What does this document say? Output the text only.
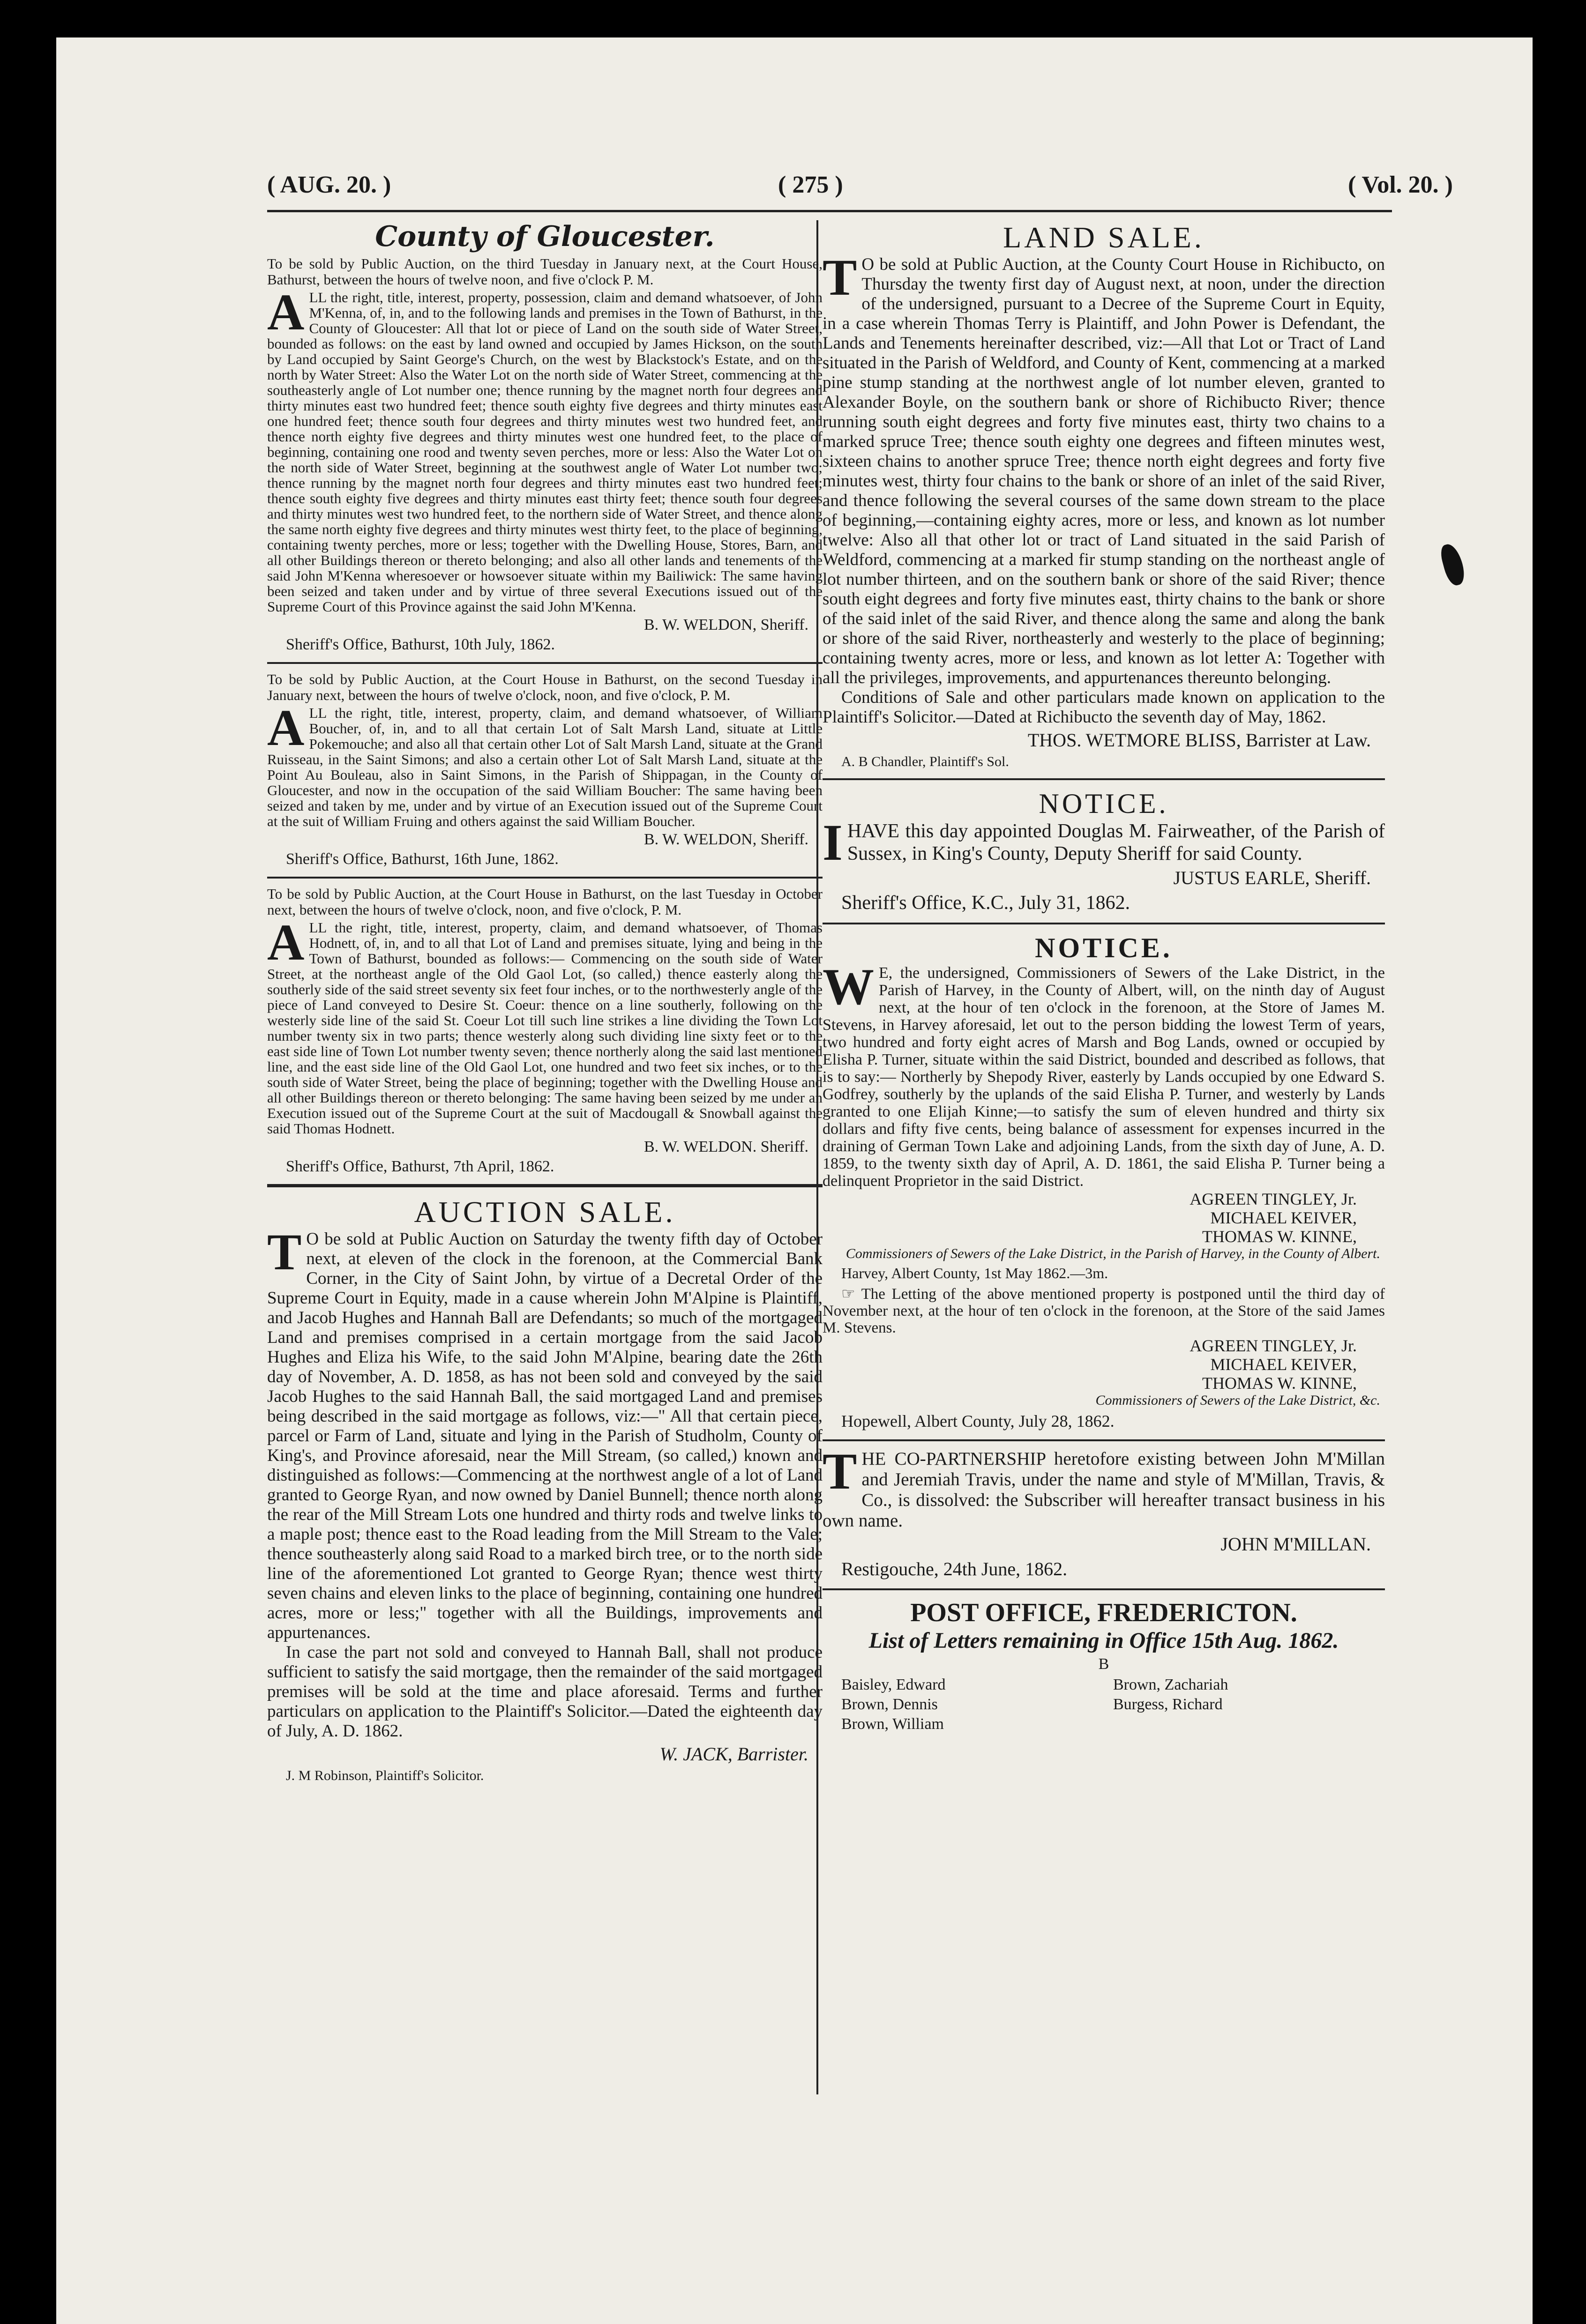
( AUG. 20. )	( 275 )	( Vol. 20. )

County of Gloucester.

To be sold by Public Auction, on the third Tuesday in January next, at the Court House, Bathurst, between the hours of twelve noon, and five o'clock P. M.

ALL the right, title, interest, property, possession, claim and demand whatsoever, of John M'Kenna, of, in, and to the following lands and premises in the Town of Bathurst, in the County of Gloucester: All that lot or piece of Land on the south side of Water Street, bounded as follows: on the east by land owned and occupied by James Hickson, on the south by Land occupied by Saint George's Church, on the west by Blackstock's Estate, and on the north by Water Street: Also the Water Lot on the north side of Water Street, commencing at the southeasterly angle of Lot number one; thence running by the magnet north four degrees and thirty minutes east two hundred feet; thence south eighty five degrees and thirty minutes east one hundred feet; thence south four degrees and thirty minutes west two hundred feet, and thence north eighty five degrees and thirty minutes west one hundred feet, to the place of beginning, containing one rood and twenty seven perches, more or less: Also the Water Lot on the north side of Water Street, beginning at the southwest angle of Water Lot number two; thence running by the magnet north four degrees and thirty minutes east two hundred feet; thence south eighty five degrees and thirty minutes east thirty feet; thence south four degrees and thirty minutes west two hundred feet, to the northern side of Water Street, and thence along the same north eighty five degrees and thirty minutes west thirty feet, to the place of beginning, containing twenty perches, more or less; together with the Dwelling House, Stores, Barn, and all other Buildings thereon or thereto belonging; and also all other lands and tenements of the said John M'Kenna wheresoever or howsoever situate within my Bailiwick: The same having been seized and taken under and by virtue of three several Executions issued out of the Supreme Court of this Province against the said John M'Kenna.

B. W. WELDON, Sheriff.

Sheriff's Office, Bathurst, 10th July, 1862.

To be sold by Public Auction, at the Court House in Bathurst, on the second Tuesday in January next, between the hours of twelve o'clock, noon, and five o'clock, P. M.

ALL the right, title, interest, property, claim, and demand whatsoever, of William Boucher, of, in, and to all that certain Lot of Salt Marsh Land, situate at Little Pokemouche; and also all that certain other Lot of Salt Marsh Land, situate at the Grand Ruisseau, in the Saint Simons; and also a certain other Lot of Salt Marsh Land, situate at the Point Au Bouleau, also in Saint Simons, in the Parish of Shippagan, in the County of Gloucester, and now in the occupation of the said William Boucher: The same having been seized and taken by me, under and by virtue of an Execution issued out of the Supreme Court at the suit of William Fruing and others against the said William Boucher.

B. W. WELDON, Sheriff.

Sheriff's Office, Bathurst, 16th June, 1862.

To be sold by Public Auction, at the Court House in Bathurst, on the last Tuesday in October next, between the hours of twelve o'clock, noon, and five o'clock, P. M.

ALL the right, title, interest, property, claim, and demand whatsoever, of Thomas Hodnett, of, in, and to all that Lot of Land and premises situate, lying and being in the Town of Bathurst, bounded as follows:— Commencing on the south side of Water Street, at the northeast angle of the Old Gaol Lot, (so called,) thence easterly along the southerly side of the said street seventy six feet four inches, or to the northwesterly angle of the piece of Land conveyed to Desire St. Coeur: thence on a line southerly, following on the westerly side line of the said St. Coeur Lot till such line strikes a line dividing the Town Lot number twenty six in two parts; thence westerly along such dividing line sixty feet or to the east side line of Town Lot number twenty seven; thence northerly along the said last mentioned line, and the east side line of the Old Gaol Lot, one hundred and two feet six inches, or to the south side of Water Street, being the place of beginning; together with the Dwelling House and all other Buildings thereon or thereto belonging: The same having been seized by me under an Execution issued out of the Supreme Court at the suit of Macdougall & Snowball against the said Thomas Hodnett.

B. W. WELDON. Sheriff.

Sheriff's Office, Bathurst, 7th April, 1862.

AUCTION SALE.

T O be sold at Public Auction on Saturday the twenty fifth day of October next, at eleven of the clock in the forenoon, at the Commercial Bank Corner, in the City of Saint John, by virtue of a Decretal Order of the Supreme Court in Equity, made in a cause wherein John M'Alpine is Plaintiff, and Jacob Hughes and Hannah Ball are Defendants; so much of the mortgaged Land and premises comprised in a certain mortgage from the said Jacob Hughes and Eliza his Wife, to the said John M'Alpine, bearing date the 26th day of November, A. D. 1858, as has not been sold and conveyed by the said Jacob Hughes to the said Hannah Ball, the said mortgaged Land and premises being described in the said mortgage as follows, viz:—" All that certain piece, parcel or Farm of Land, situate and lying in the Parish of Studholm, County of King's, and Province aforesaid, near the Mill Stream, (so called,) known and distinguished as follows:—Commencing at the northwest angle of a lot of Land granted to George Ryan, and now owned by Daniel Bunnell; thence north along the rear of the Mill Stream Lots one hundred and thirty rods and twelve links to a maple post; thence east to the Road leading from the Mill Stream to the Vale; thence southeasterly along said Road to a marked birch tree, or to the north side line of the aforementioned Lot granted to George Ryan; thence west thirty seven chains and eleven links to the place of beginning, containing one hundred acres, more or less;" together with all the Buildings, improvements and appurtenances.

In case the part not sold and conveyed to Hannah Ball, shall not produce sufficient to satisfy the said mortgage, then the remainder of the said mortgaged premises will be sold at the time and place aforesaid. Terms and further particulars on application to the Plaintiff's Solicitor.—Dated the eighteenth day of July, A. D. 1862.

W. JACK, Barrister.

J. M Robinson, Plaintiff's Solicitor.

LAND SALE.

T O be sold at Public Auction, at the County Court House in Richibucto, on Thursday the twenty first day of August next, at noon, under the direction of the undersigned, pursuant to a Decree of the Supreme Court in Equity, in a case wherein Thomas Terry is Plaintiff, and John Power is Defendant, the Lands and Tenements hereinafter described, viz:—All that Lot or Tract of Land situated in the Parish of Weldford, and County of Kent, commencing at a marked pine stump standing at the northwest angle of lot number eleven, granted to Alexander Boyle, on the southern bank or shore of Richibucto River; thence running south eight degrees and forty five minutes east, thirty two chains to a marked spruce Tree; thence south eighty one degrees and fifteen minutes west, sixteen chains to another spruce Tree; thence north eight degrees and forty five minutes west, thirty four chains to the bank or shore of an inlet of the said River, and thence following the several courses of the same down stream to the place of beginning,—containing eighty acres, more or less, and known as lot number twelve: Also all that other lot or tract of Land situated in the said Parish of Weldford, commencing at a marked fir stump standing on the northeast angle of lot number thirteen, and on the southern bank or shore of the said River; thence south eight degrees and forty five minutes east, thirty chains to the bank or shore of the said inlet of the said River, and thence along the same and along the bank or shore of the said River, northeasterly and westerly to the place of beginning; containing twenty acres, more or less, and known as lot letter A: Together with all the privileges, improvements, and appurtenances thereunto belonging.

Conditions of Sale and other particulars made known on application to the Plaintiff's Solicitor.—Dated at Richibucto the seventh day of May, 1862.

THOS. WETMORE BLISS, Barrister at Law.

A. B Chandler, Plaintiff's Sol.

NOTICE.

IHAVE this day appointed Douglas M. Fairweather, of the Parish of Sussex, in King's County, Deputy Sheriff for said County.

JUSTUS EARLE, Sheriff.

Sheriff's Office, K.C., July 31, 1862.

NOTICE.

W E, the undersigned, Commissioners of Sewers of the Lake District, in the Parish of Harvey, in the County of Albert, will, on the ninth day of August next, at the hour of ten o'clock in the forenoon, at the Store of James M. Stevens, in Harvey aforesaid, let out to the person bidding the lowest Term of years, two hundred and forty eight acres of Marsh and Bog Lands, owned or occupied by Elisha P. Turner, situate within the said District, bounded and described as follows, that is to say:— Northerly by Shepody River, easterly by Lands occupied by one Edward S. Godfrey, southerly by the uplands of the said Elisha P. Turner, and westerly by Lands granted to one Elijah Kinne;—to satisfy the sum of eleven hundred and thirty six dollars and fifty five cents, being balance of assessment for expenses incurred in the draining of German Town Lake and adjoining Lands, from the sixth day of June, A. D. 1859, to the twenty sixth day of April, A. D. 1861, the said Elisha P. Turner being a delinquent Proprietor in the said District.

AGREEN TINGLEY, Jr.
MICHAEL KEIVER,
THOMAS W. KINNE,

Commissioners of Sewers of the Lake District, in the Parish of Harvey, in the County of Albert.

Harvey, Albert County, 1st May 1862.—3m.

☞ The Letting of the above mentioned property is postponed until the third day of November next, at the hour of ten o'clock in the forenoon, at the Store of the said James M. Stevens.

AGREEN TINGLEY, Jr.
MICHAEL KEIVER,
THOMAS W. KINNE,

Commissioners of Sewers of the Lake District, &c.

Hopewell, Albert County, July 28, 1862.

THE CO-PARTNERSHIP heretofore existing between John M'Millan and Jeremiah Travis, under the name and style of M'Millan, Travis, & Co., is dissolved: the Subscriber will hereafter transact business in his own name.

JOHN M'MILLAN.

Restigouche, 24th June, 1862.

POST OFFICE, FREDERICTON.

List of Letters remaining in Office 15th Aug. 1862.

B

Baisley, Edward	Brown, Zachariah
Brown, Dennis	Burgess, Richard
Brown, William
